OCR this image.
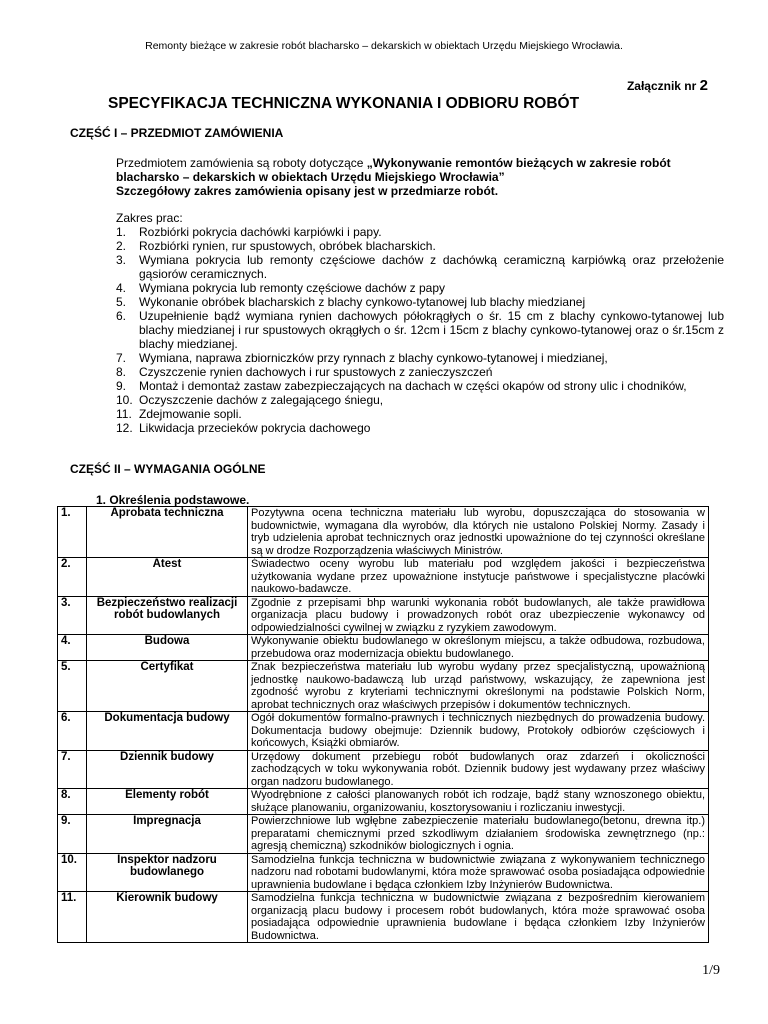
Remonty bieżące w zakresie robót blacharsko – dekarskich w obiektach Urzędu Miejskiego Wrocławia.
Załącznik nr 2
SPECYFIKACJA TECHNICZNA WYKONANIA I ODBIORU ROBÓT
CZĘŚĆ I – PRZEDMIOT ZAMÓWIENIA
Przedmiotem zamówienia są roboty dotyczące „Wykonywanie remontów bieżących w zakresie robót blacharsko – dekarskich w obiektach Urzędu Miejskiego Wrocławia”
Szczegółowy zakres zamówienia opisany jest w przedmiarze robót.
Zakres prac:
1. Rozbiórki pokrycia dachówki karpiówki i papy.
2. Rozbiórki rynien, rur spustowych, obróbek blacharskich.
3. Wymiana pokrycia lub remonty częściowe dachów z dachówką ceramiczną karpiówką oraz przełożenie gąsiorów ceramicznych.
4. Wymiana pokrycia lub remonty częściowe dachów z papy
5. Wykonanie obróbek blacharskich z blachy cynkowo-tytanowej lub blachy miedzianej
6. Uzupełnienie bądź wymiana rynien dachowych półokrągłych o śr. 15 cm z blachy cynkowo-tytanowej lub blachy miedzianej i rur spustowych okrągłych o śr. 12cm i 15cm z blachy cynkowo-tytanowej oraz o śr.15cm z blachy miedzianej.
7. Wymiana, naprawa zbiorniczków przy rynnach z blachy cynkowo-tytanowej i miedzianej,
8. Czyszczenie rynien dachowych i rur spustowych z zanieczyszczeń
9. Montaż i demontaż zastaw zabezpieczających na dachach w części okapów od strony ulic i chodników,
10. Oczyszczenie dachów z zalegającego śniegu,
11. Zdejmowanie sopli.
12. Likwidacja przecieków pokrycia dachowego
CZĘŚĆ II – WYMAGANIA OGÓLNE
1. Określenia podstawowe.
1.	Aprobata techniczna	Pozytywna ocena techniczna materiału lub wyrobu, dopuszczająca do stosowania w budownictwie, wymagana dla wyrobów, dla których nie ustalono Polskiej Normy. Zasady i tryb udzielenia aprobat technicznych oraz jednostki upoważnione do tej czynności określane są w drodze Rozporządzenia właściwych Ministrów.
2.	Atest	Świadectwo oceny wyrobu lub materiału pod względem jakości i bezpieczeństwa użytkowania wydane przez upoważnione instytucje państwowe i specjalistyczne placówki naukowo-badawcze.
3.	Bezpieczeństwo realizacji robót budowlanych	Zgodnie z przepisami bhp warunki wykonania robót budowlanych, ale także prawidłowa organizacja placu budowy i prowadzonych robót oraz ubezpieczenie wykonawcy od odpowiedzialności cywilnej w związku z ryzykiem zawodowym.
4.	Budowa	Wykonywanie obiektu budowlanego w określonym miejscu, a także odbudowa, rozbudowa, przebudowa oraz modernizacja obiektu budowlanego.
5.	Certyfikat	Znak bezpieczeństwa materiału lub wyrobu wydany przez specjalistyczną, upoważnioną jednostkę naukowo-badawczą lub urząd państwowy, wskazujący, że zapewniona jest zgodność wyrobu z kryteriami technicznymi określonymi na podstawie Polskich Norm, aprobat technicznych oraz właściwych przepisów i dokumentów technicznych.
6.	Dokumentacja budowy	Ogół dokumentów formalno-prawnych i technicznych niezbędnych do prowadzenia budowy. Dokumentacja budowy obejmuje: Dziennik budowy, Protokoły odbiorów częściowych i końcowych, Książki obmiarów.
7.	Dziennik budowy	Urzędowy dokument przebiegu robót budowlanych oraz zdarzeń i okoliczności zachodzących w toku wykonywania robót. Dziennik budowy jest wydawany przez właściwy organ nadzoru budowlanego.
8.	Elementy robót	Wyodrębnione z całości planowanych robót ich rodzaje, bądź stany wznoszonego obiektu, służące planowaniu, organizowaniu, kosztorysowaniu i rozliczaniu inwestycji.
9.	Impregnacja	Powierzchniowe lub wgłębne zabezpieczenie materiału budowlanego(betonu, drewna itp.) preparatami chemicznymi przed szkodliwym działaniem środowiska zewnętrznego (np.: agresją chemiczną) szkodników biologicznych i ognia.
10.	Inspektor nadzoru budowlanego	Samodzielna funkcja techniczna w budownictwie związana z wykonywaniem technicznego nadzoru nad robotami budowlanymi, która może sprawować osoba posiadająca odpowiednie uprawnienia budowlane i będąca członkiem Izby Inżynierów Budownictwa.
11.	Kierownik budowy	Samodzielna funkcja techniczna w budownictwie związana z bezpośrednim kierowaniem organizacją placu budowy i procesem robót budowlanych, która może sprawować osoba posiadająca odpowiednie uprawnienia budowlane i będąca członkiem Izby Inżynierów Budownictwa.
1/9
